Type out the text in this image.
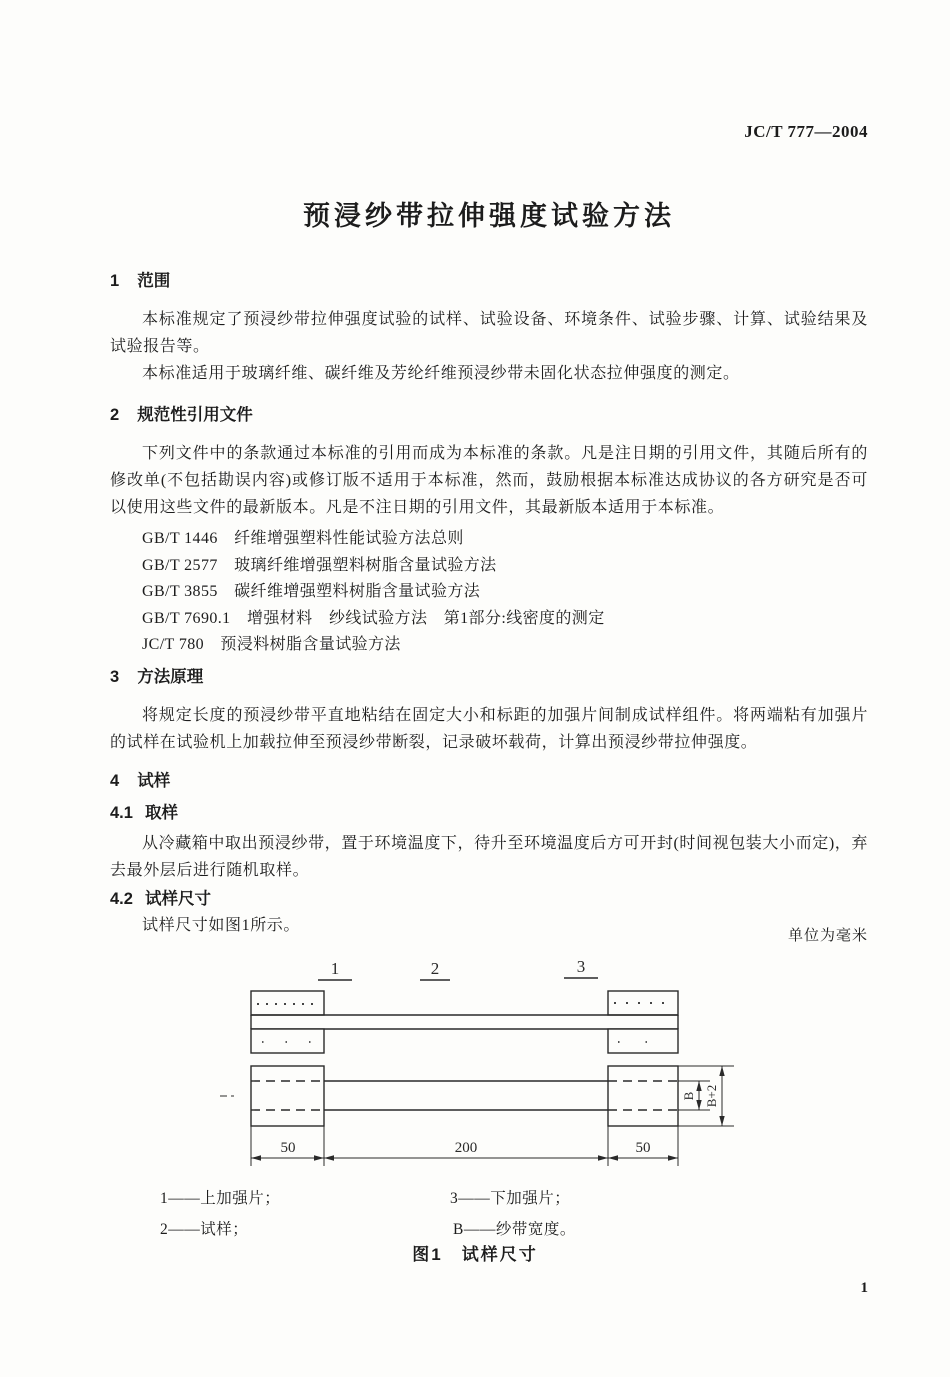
JC/T 777—2004
预浸纱带拉伸强度试验方法
1 范围

本标准规定了预浸纱带拉伸强度试验的试样、试验设备、环境条件、试验步骤、计算、试验结果及试验报告等。

本标准适用于玻璃纤维、碳纤维及芳纶纤维预浸纱带未固化状态拉伸强度的测定。

2 规范性引用文件

下列文件中的条款通过本标准的引用而成为本标准的条款。凡是注日期的引用文件，其随后所有的修改单(不包括勘误内容)或修订版不适用于本标准，然而，鼓励根据本标准达成协议的各方研究是否可以使用这些文件的最新版本。凡是不注日期的引用文件，其最新版本适用于本标准。

GB/T 1446　纤维增强塑料性能试验方法总则
GB/T 2577　玻璃纤维增强塑料树脂含量试验方法
GB/T 3855　碳纤维增强塑料树脂含量试验方法
GB/T 7690.1　增强材料　纱线试验方法　第1部分:线密度的测定
JC/T 780　预浸料树脂含量试验方法
3 方法原理

将规定长度的预浸纱带平直地粘结在固定大小和标距的加强片间制成试样组件。将两端粘有加强片的试样在试验机上加载拉伸至预浸纱带断裂，记录破坏载荷，计算出预浸纱带拉伸强度。

4 试样
4.1 取样

从冷藏箱中取出预浸纱带，置于环境温度下，待升至环境温度后方可开封(时间视包装大小而定)，弃去最外层后进行随机取样。

4.2 试样尺寸

试样尺寸如图1所示。

单位为毫米
1	2	3
50	200	50
B B+2
1——上加强片；
2——试样；
3——下加强片；
B——纱带宽度。
图1　试样尺寸
1
